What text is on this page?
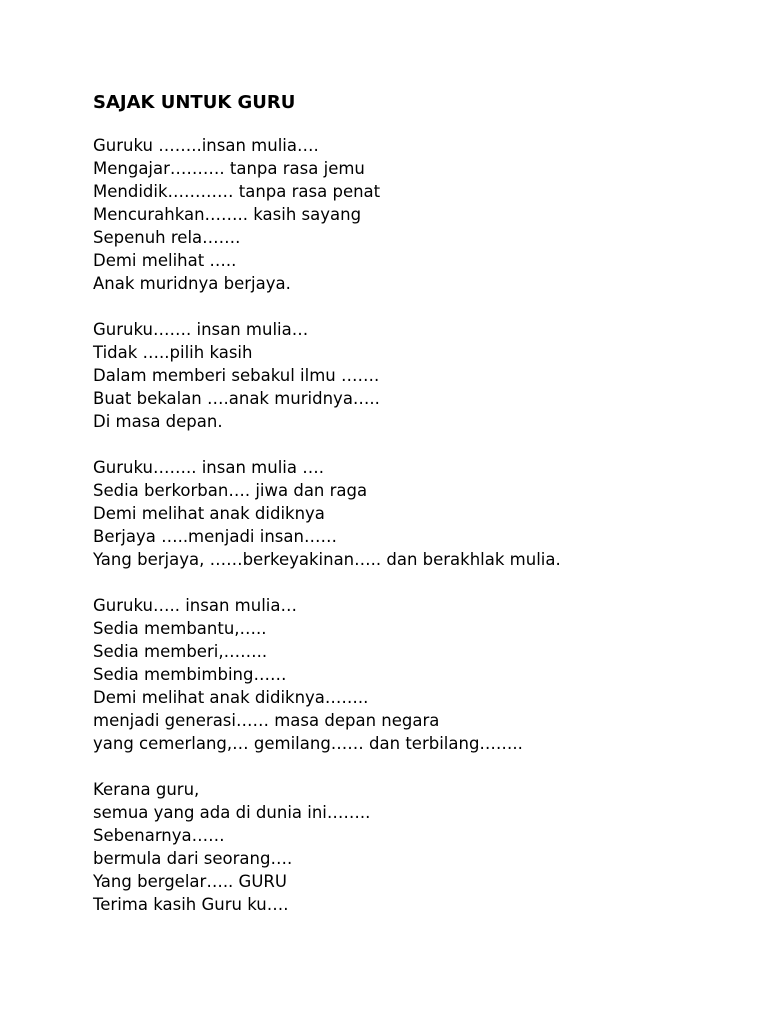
SAJAK UNTUK GURU
Guruku ……..insan mulia….
Mengajar………. tanpa rasa jemu
Mendidik………… tanpa rasa penat
Mencurahkan…….. kasih sayang
Sepenuh rela…….
Demi melihat …..
Anak muridnya berjaya.
Guruku……. insan mulia…
Tidak …..pilih kasih
Dalam memberi sebakul ilmu …….
Buat bekalan ….anak muridnya…..
Di masa depan.
Guruku…….. insan mulia ….
Sedia berkorban…. jiwa dan raga
Demi melihat anak didiknya
Berjaya …..menjadi insan……
Yang berjaya, ……berkeyakinan….. dan berakhlak mulia.
Guruku….. insan mulia…
Sedia membantu,…..
Sedia memberi,……..
Sedia membimbing……
Demi melihat anak didiknya……..
menjadi generasi…… masa depan negara
yang cemerlang,… gemilang…… dan terbilang……..
Kerana guru,
semua yang ada di dunia ini……..
Sebenarnya……
bermula dari seorang….
Yang bergelar….. GURU
Terima kasih Guru ku….
